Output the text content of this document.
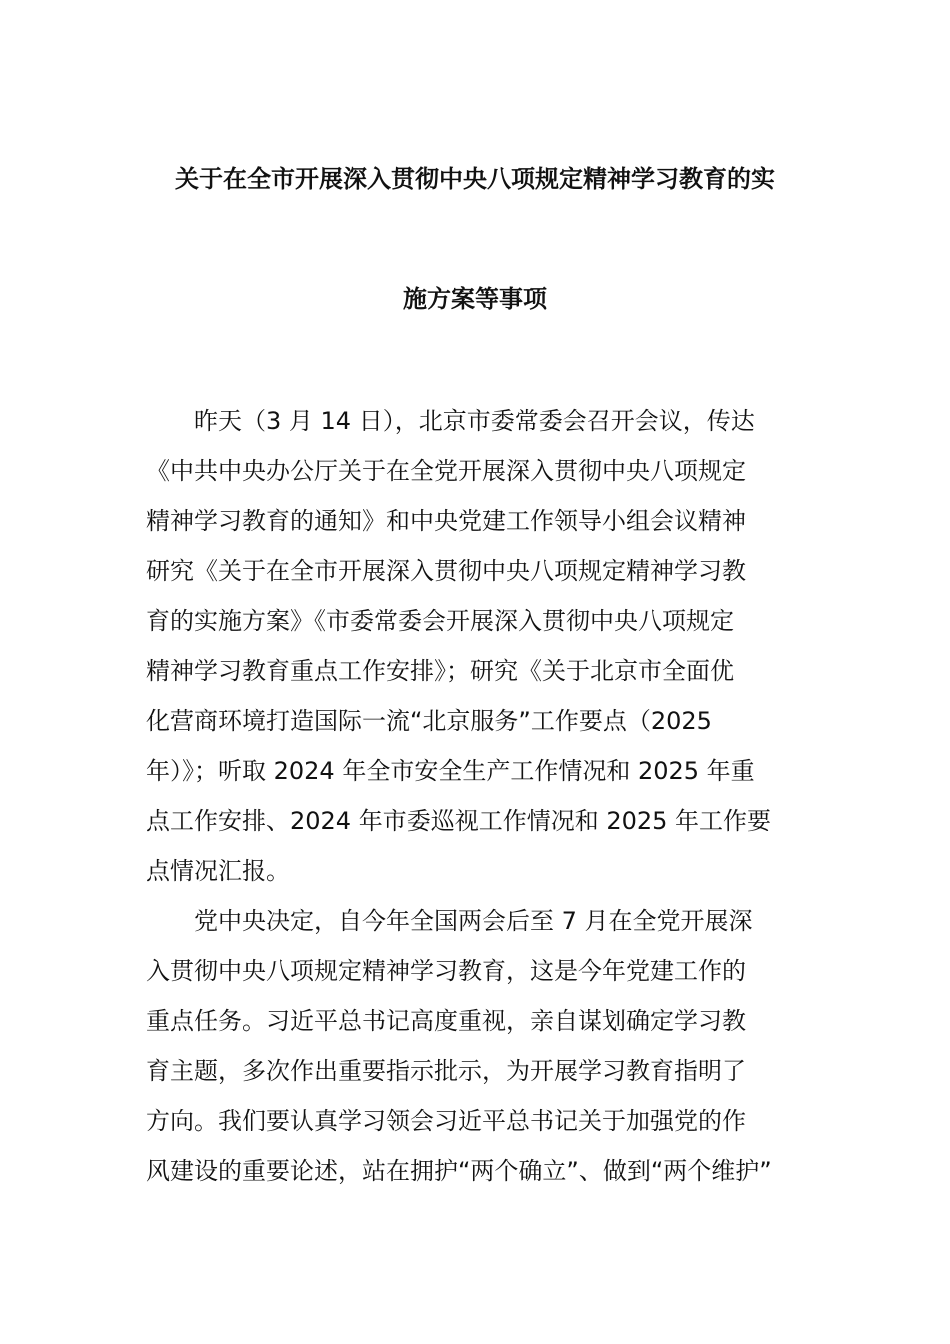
关于在全市开展深入贯彻中央八项规定精神学习教育的实
施方案等事项
昨天（3 月 14 日），北京市委常委会召开会议，传达
《中共中央办公厅关于在全党开展深入贯彻中央八项规定
精神学习教育的通知》和中央党建工作领导小组会议精神
研究《关于在全市开展深入贯彻中央八项规定精神学习教
育的实施方案》《市委常委会开展深入贯彻中央八项规定
精神学习教育重点工作安排》；研究《关于北京市全面优
化营商环境打造国际一流“北京服务”工作要点（2025
年）》；听取 2024 年全市安全生产工作情况和 2025 年重
点工作安排、2024 年市委巡视工作情况和 2025 年工作要
点情况汇报。
党中央决定，自今年全国两会后至 7 月在全党开展深
入贯彻中央八项规定精神学习教育，这是今年党建工作的
重点任务。习近平总书记高度重视，亲自谋划确定学习教
育主题，多次作出重要指示批示，为开展学习教育指明了
方向。我们要认真学习领会习近平总书记关于加强党的作
风建设的重要论述，站在拥护“两个确立”、做到“两个维护”
